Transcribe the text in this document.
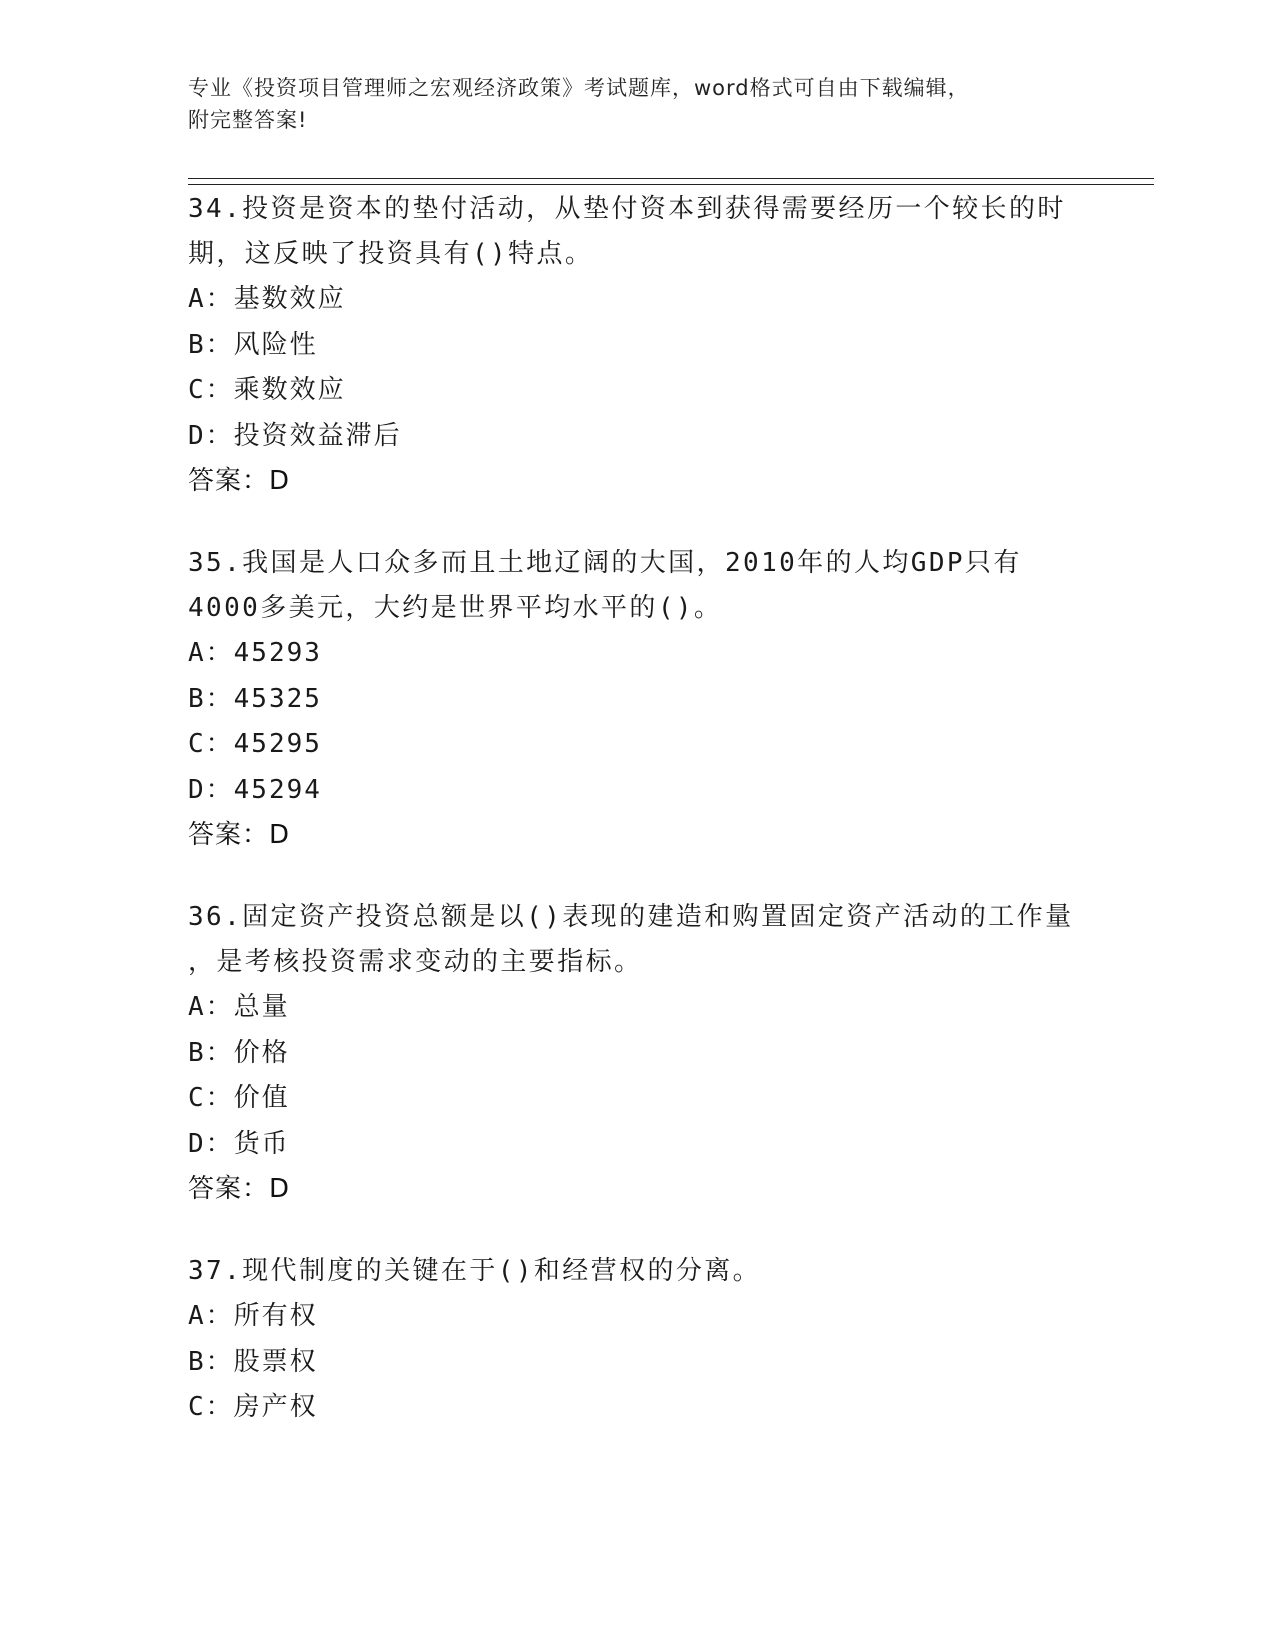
专业《投资项目管理师之宏观经济政策》考试题库，word格式可自由下载编辑，
附完整答案!

34.投资是资本的垫付活动，从垫付资本到获得需要经历一个较长的时

期，这反映了投资具有()特点。

A：基数效应

B：风险性

C：乘数效应

D：投资效益滞后

答案：D

35.我国是人口众多而且土地辽阔的大国，2010年的人均GDP只有

4000多美元，大约是世界平均水平的()。

A：45293

B：45325

C：45295

D：45294

答案：D

36.固定资产投资总额是以()表现的建造和购置固定资产活动的工作量

，是考核投资需求变动的主要指标。

A：总量

B：价格

C：价值

D：货币

答案：D

37.现代制度的关键在于()和经营权的分离。

A：所有权

B：股票权

C：房产权
